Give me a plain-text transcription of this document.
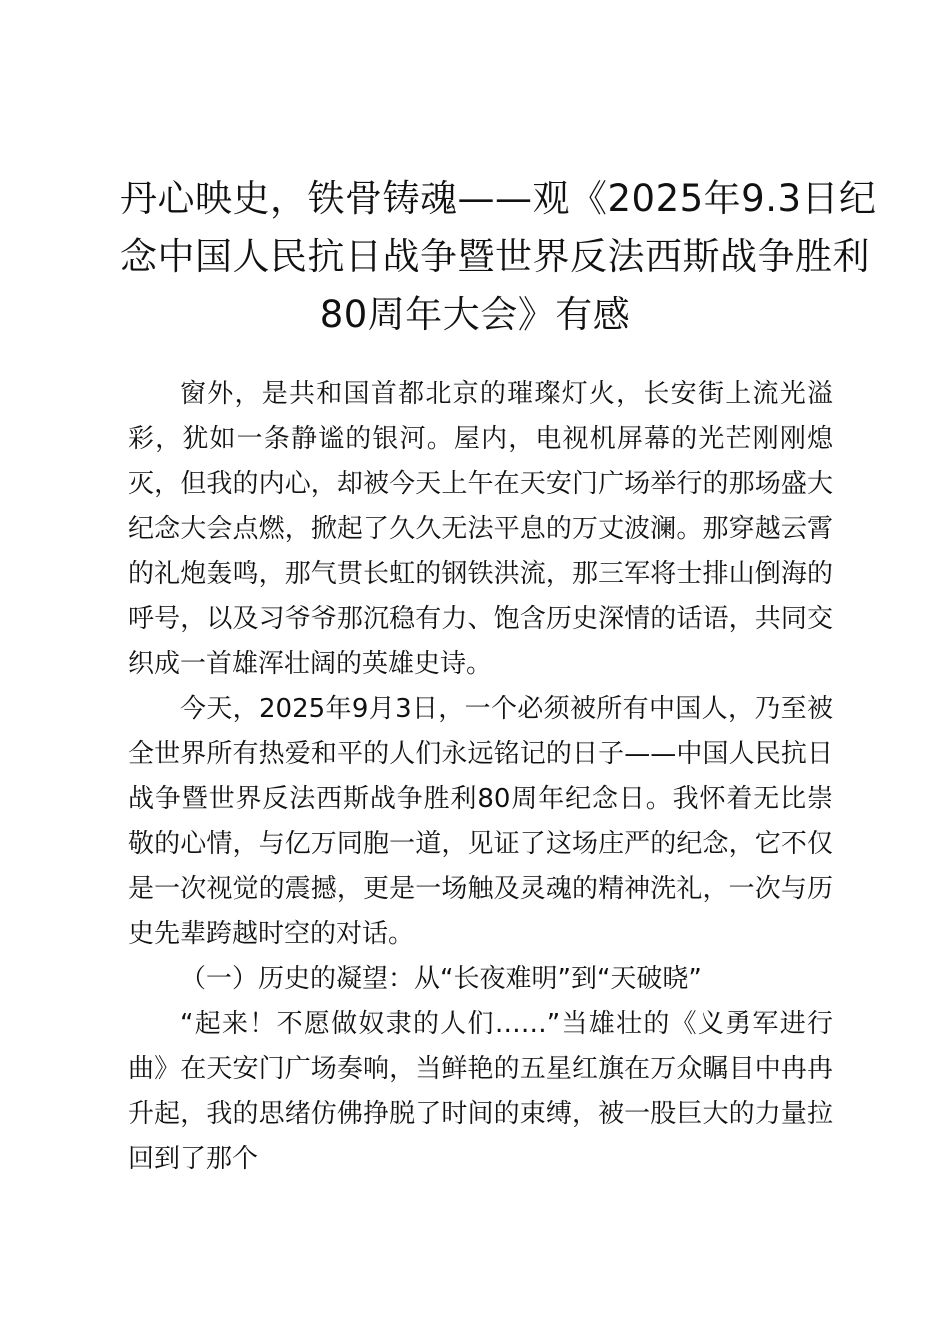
丹心映史，铁骨铸魂——观《2025年9.3日纪
念中国人民抗日战争暨世界反法西斯战争胜利
80周年大会》有感

窗外，是共和国首都北京的璀璨灯火，长安街上流光溢彩，犹如一条静谧的银河。屋内，电视机屏幕的光芒刚刚熄灭，但我的内心，却被今天上午在天安门广场举行的那场盛大纪念大会点燃，掀起了久久无法平息的万丈波澜。那穿越云霄的礼炮轰鸣，那气贯长虹的钢铁洪流，那三军将士排山倒海的呼号，以及习爷爷那沉稳有力、饱含历史深情的话语，共同交织成一首雄浑壮阔的英雄史诗。

今天，2025年9月3日，一个必须被所有中国人，乃至被全世界所有热爱和平的人们永远铭记的日子——中国人民抗日战争暨世界反法西斯战争胜利80周年纪念日。我怀着无比崇敬的心情，与亿万同胞一道，见证了这场庄严的纪念，它不仅是一次视觉的震撼，更是一场触及灵魂的精神洗礼，一次与历史先辈跨越时空的对话。

（一）历史的凝望：从“长夜难明”到“天破晓”

“起来！不愿做奴隶的人们……”当雄壮的《义勇军进行曲》在天安门广场奏响，当鲜艳的五星红旗在万众瞩目中冉冉升起，我的思绪仿佛挣脱了时间的束缚，被一股巨大的力量拉回到了那个
